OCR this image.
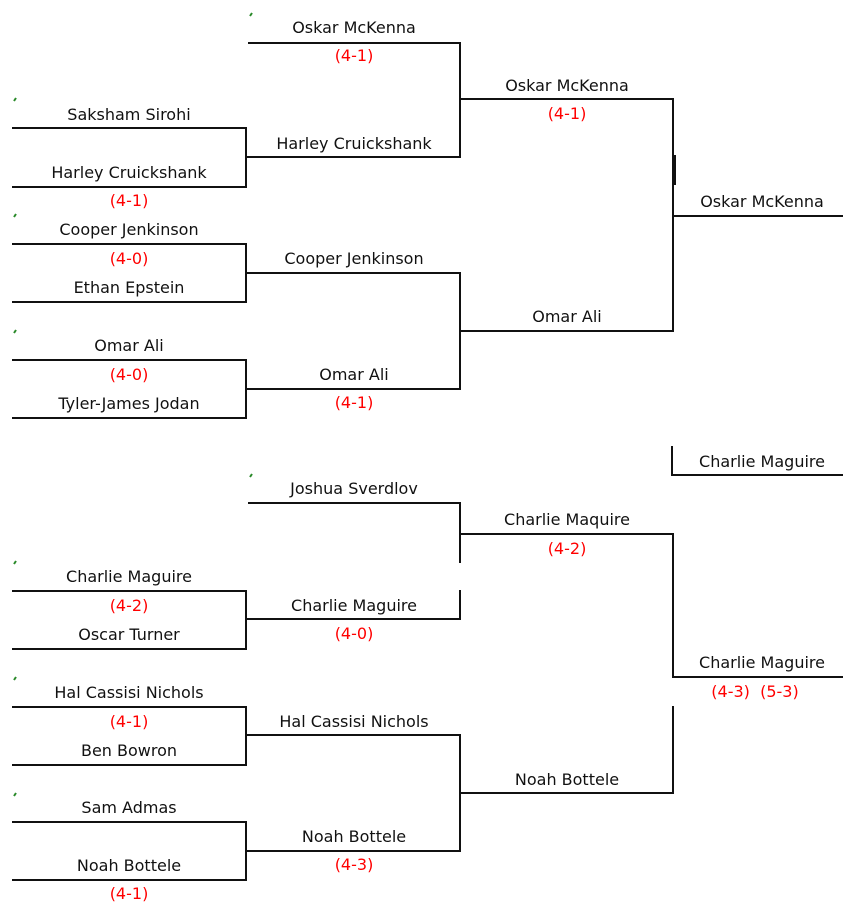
Oskar McKenna
(4-1)
Saksham Sirohi
Harley Cruickshank
(4-1)
Harley Cruickshank
Cooper Jenkinson
(4-0)
Ethan Epstein
Cooper Jenkinson
Omar Ali
(4-0)
Tyler-James Jodan
Omar Ali
(4-1)
Oskar McKenna
(4-1)
Omar Ali
Oskar McKenna
Charlie Maguire
Joshua Sverdlov
Charlie Maquire
(4-2)
Charlie Maguire
(4-2)
Oscar Turner
Charlie Maguire
(4-0)
Charlie Maguire
(4-3)  (5-3)
Hal Cassisi Nichols
(4-1)
Ben Bowron
Hal Cassisi Nichols
Noah Bottele
Sam Admas
Noah Bottele
(4-3)
Noah Bottele
(4-1)
